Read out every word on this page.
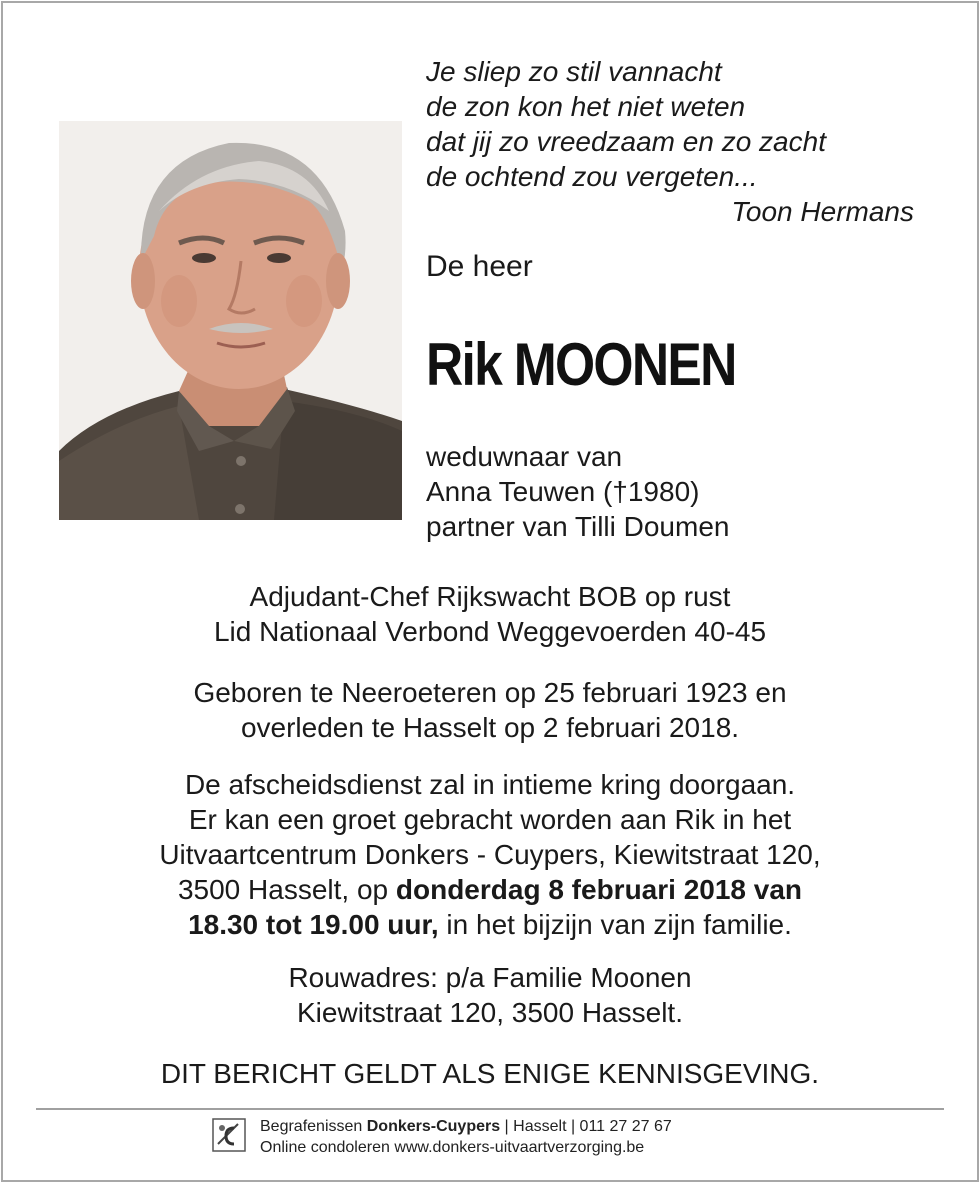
Je sliep zo stil vannacht
de zon kon het niet weten
dat jij zo vreedzaam en zo zacht
de ochtend zou vergeten...
Toon Hermans
De heer
Rik MOONEN
weduwnaar van
Anna Teuwen (†1980)
partner van Tilli Doumen
Adjudant-Chef Rijkswacht BOB op rust
Lid Nationaal Verbond Weggevoerden 40-45
Geboren te Neeroeteren op 25 februari 1923 en
overleden te Hasselt op 2 februari 2018.
De afscheidsdienst zal in intieme kring doorgaan.
Er kan een groet gebracht worden aan Rik in het
Uitvaartcentrum Donkers - Cuypers, Kiewitstraat 120,
3500 Hasselt, op donderdag 8 februari 2018 van
18.30 tot 19.00 uur, in het bijzijn van zijn familie.
Rouwadres: p/a Familie Moonen
Kiewitstraat 120, 3500 Hasselt.
DIT BERICHT GELDT ALS ENIGE KENNISGEVING.
Begrafenissen Donkers-Cuypers | Hasselt | 011 27 27 67
Online condoleren www.donkers-uitvaartverzorging.be
